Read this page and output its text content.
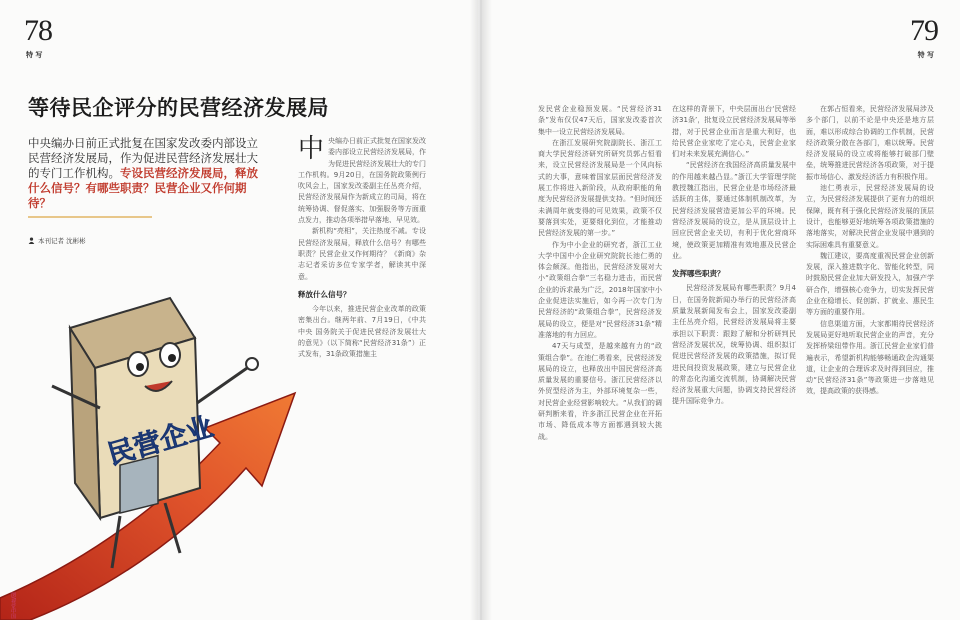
78
特 写
等待民企评分的民营经济发展局
中央编办日前正式批复在国家发改委内部设立民营经济发展局，作为促进民营经济发展壮大的专门工作机构。专设民营经济发展局，释放什么信号？有哪些职责？民营企业又作何期待？
本刊记者 沈彬彬

中央编办日前正式批复在国家发改委内部设立民营经济发展局，作为促进民营经济发展壮大的专门工作机构。9月20日，在国务院政策例行吹风会上，国家发改委副主任丛亮介绍，民营经济发展局作为新成立的司局，将在统筹协调、督促落实、加强服务等方面重点发力，推动各项举措早落地、早见效。

新机构“亮相”，关注热度不减。专设民营经济发展局，释放什么信号？有哪些职责？民营企业又作何期待？《新商》杂志记者采访多位专家学者，解读其中深意。

释放什么信号？

今年以来，推进民营企业改革的政策密集出台。继两年前、7月19日，《中共中央 国务院关于促进民营经济发展壮大的意见》（以下简称“民营经济31条”）正式发布，31条政策措施主

民营企业
图/视觉中国
79
特 写

发民营企业稳预发展。“民营经济31条”发布仅仅47天后，国家发改委首次集中一设立民营经济发展局。

在浙江发展研究院副院长、浙江工商大学民营经济研究所研究员郭占恒看来，设立民营经济发展局是一个风向标式的大事，意味着国家层面民营经济发展工作将进入新阶段，从政府职能的角度为民营经济发展提供支持。“但时间还未满周年就变得的可见效果，政策不仅要落到实处，更要细化到位，才能推动民营经济发展的第一步。”

作为中小企业的研究者，浙江工业大学中国中小企业研究院院长池仁勇的体会颇深。他指出，民营经济发展对大小“政策组合拳”三名稳力进击，而民营企业的诉求最为广泛，2018年国家中小企业促进法实施后，如今再一次专门为民营经济的“政策组合拳”，民营经济发展局的设立，便是对“民营经济31条”精准落地的有力回应。

47天与成型，是越来越有力的“政策组合拳”。在池仁勇看来，民营经济发展局的设立，也释放出中国民营经济高质量发展的重要信号。浙江民营经济以外贸型经济为主，外部环境复杂一些，对民营企业经营影响较大。“从我们的调研判断来看，许多浙江民营企业在开拓市场、降低成本等方面都遇到较大挑战。

在这样的背景下，中央层面出台‘民营经济31条’，批复设立民营经济发展局等举措，对于民营企业而言是重大利好，也给民营企业家吃了定心丸，民营企业家们对未来发展充满信心。”

“民营经济在我国经济高质量发展中的作用越来越凸显。”浙江大学管理学院教授魏江指出，民营企业是市场经济最活跃的主体，要通过体制机制改革，为民营经济发展营造更加公平的环境。民营经济发展局的设立，是从顶层设计上回应民营企业关切，有利于优化营商环境，使政策更加精准有效地惠及民营企业。

发挥哪些职责？

民营经济发展局有哪些职责？9月4日，在国务院新闻办举行的民营经济高质量发展新闻发布会上，国家发改委副主任丛亮介绍，民营经济发展局将主要承担以下职责：跟踪了解和分析研判民营经济发展状况，统筹协调、组织拟订促进民营经济发展的政策措施，拟订促进民间投资发展政策，建立与民营企业的常态化沟通交流机制，协调解决民营经济发展重大问题，协调支持民营经济提升国际竞争力。

在郭占恒看来，民营经济发展局涉及多个部门，以前不论是中央还是地方层面，难以形成综合协调的工作机制，民营经济政策分散在各部门，难以统筹。民营经济发展局的设立或将能够打破部门壁垒，统筹推进民营经济各项政策，对于提振市场信心、激发经济活力有积极作用。

池仁勇表示，民营经济发展局的设立，为民营经济发展提供了更有力的组织保障，既有利于强化民营经济发展的顶层设计，也能够更好地统筹各项政策措施的落地落实，对解决民营企业发展中遇到的实际困难具有重要意义。

魏江建议，要高度重视民营企业创新发展，深入推进数字化、智能化转型，同时鼓励民营企业加大研发投入，加强产学研合作，增强核心竞争力，切实发挥民营企业在稳增长、促创新、扩就业、惠民生等方面的重要作用。

信息渠道方面，大家都期待民营经济发展局更好地听取民营企业的声音，充分发挥桥梁纽带作用。浙江民营企业家们普遍表示，希望新机构能够畅通政企沟通渠道，让企业的合理诉求及时得到回应，推动“民营经济31条”等政策进一步落地见效，提高政策的获得感。
